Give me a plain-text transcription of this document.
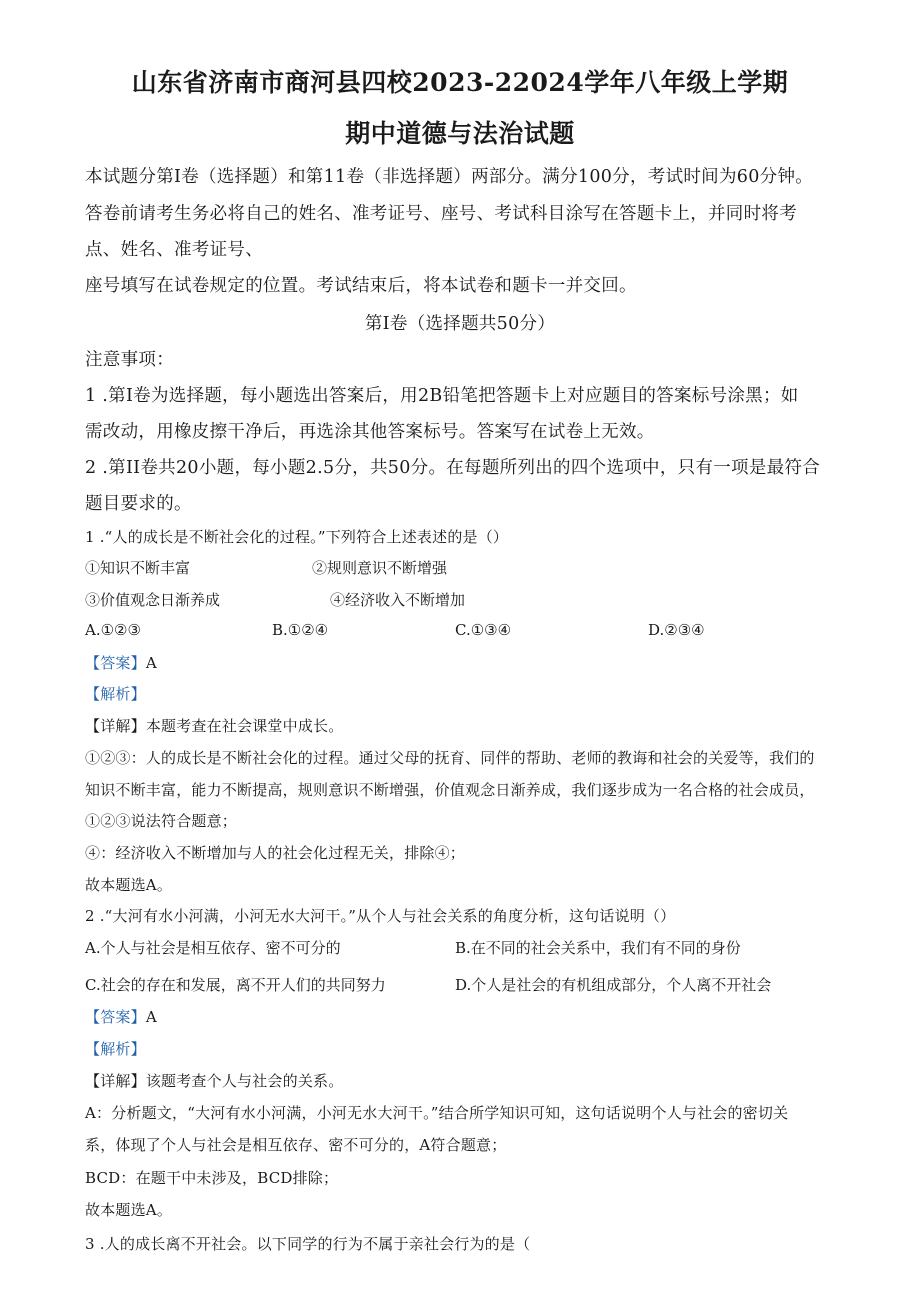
山东省济南市商河县四校2023-22024学年八年级上学期
期中道德与法治试题
本试题分第I卷（选择题）和第11卷（非选择题）两部分。满分100分，考试时间为60分钟。
答卷前请考生务必将自己的姓名、准考证号、座号、考试科目涂写在答题卡上，并同时将考
点、姓名、准考证号、
座号填写在试卷规定的位置。考试结束后，将本试卷和题卡一并交回。
第I卷（选择题共50分）
注意事项：
1 .第I卷为选择题，每小题选出答案后，用2B铅笔把答题卡上对应题目的答案标号涂黑；如
需改动，用橡皮擦干净后，再选涂其他答案标号。答案写在试卷上无效。
2 .第II卷共20小题，每小题2.5分，共50分。在每题所列出的四个选项中，只有一项是最符合
题目要求的。
1 .“人的成长是不断社会化的过程。”下列符合上述表述的是（）
①知识不断丰富	②规则意识不断增强
③价值观念日渐养成	④经济收入不断增加
A.①②③	B.①②④	C.①③④	D.②③④
【答案】A
【解析】
【详解】本题考查在社会课堂中成长。
①②③：人的成长是不断社会化的过程。通过父母的抚育、同伴的帮助、老师的教诲和社会的关爱等，我们的
知识不断丰富，能力不断提高，规则意识不断增强，价值观念日渐养成，我们逐步成为一名合格的社会成员，
①②③说法符合题意；
④：经济收入不断增加与人的社会化过程无关，排除④；
故本题选A。
2 .“大河有水小河满，小河无水大河干。”从个人与社会关系的角度分析，这句话说明（）
A.个人与社会是相互依存、密不可分的	B.在不同的社会关系中，我们有不同的身份
C.社会的存在和发展，离不开人们的共同努力	D.个人是社会的有机组成部分，个人离不开社会
【答案】A
【解析】
【详解】该题考查个人与社会的关系。
A：分析题文，“大河有水小河满，小河无水大河干。”结合所学知识可知，这句话说明个人与社会的密切关
系，体现了个人与社会是相互依存、密不可分的，A符合题意；
BCD：在题干中未涉及，BCD排除；
故本题选A。
3 .人的成长离不开社会。以下同学的行为不属于亲社会行为的是（
